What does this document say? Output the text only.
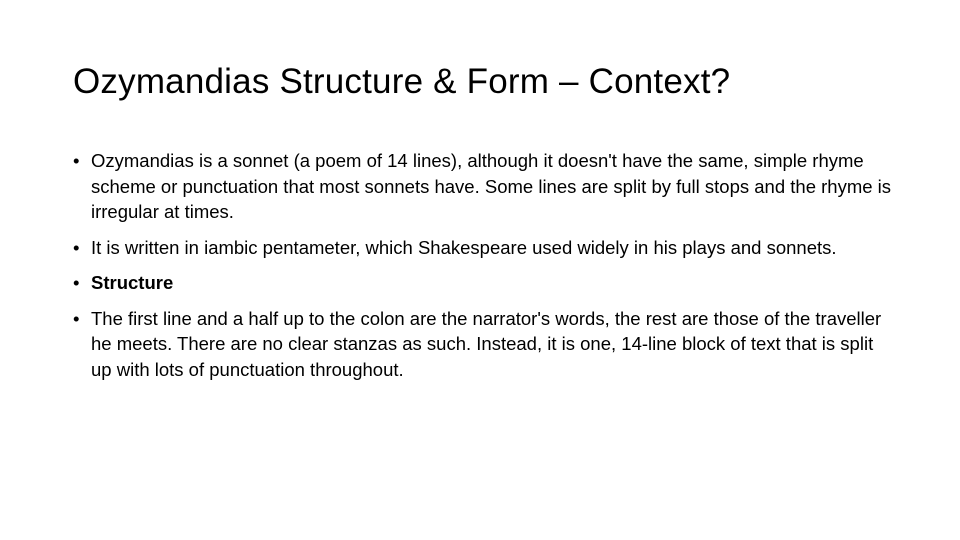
Ozymandias Structure & Form – Context?
• Ozymandias is a sonnet (a poem of 14 lines), although it doesn't have the same, simple rhyme scheme or punctuation that most sonnets have. Some lines are split by full stops and the rhyme is irregular at times.
• It is written in iambic pentameter, which Shakespeare used widely in his plays and sonnets.
• Structure
• The first line and a half up to the colon are the narrator's words, the rest are those of the traveller he meets. There are no clear stanzas as such. Instead, it is one, 14-line block of text that is split up with lots of punctuation throughout.
